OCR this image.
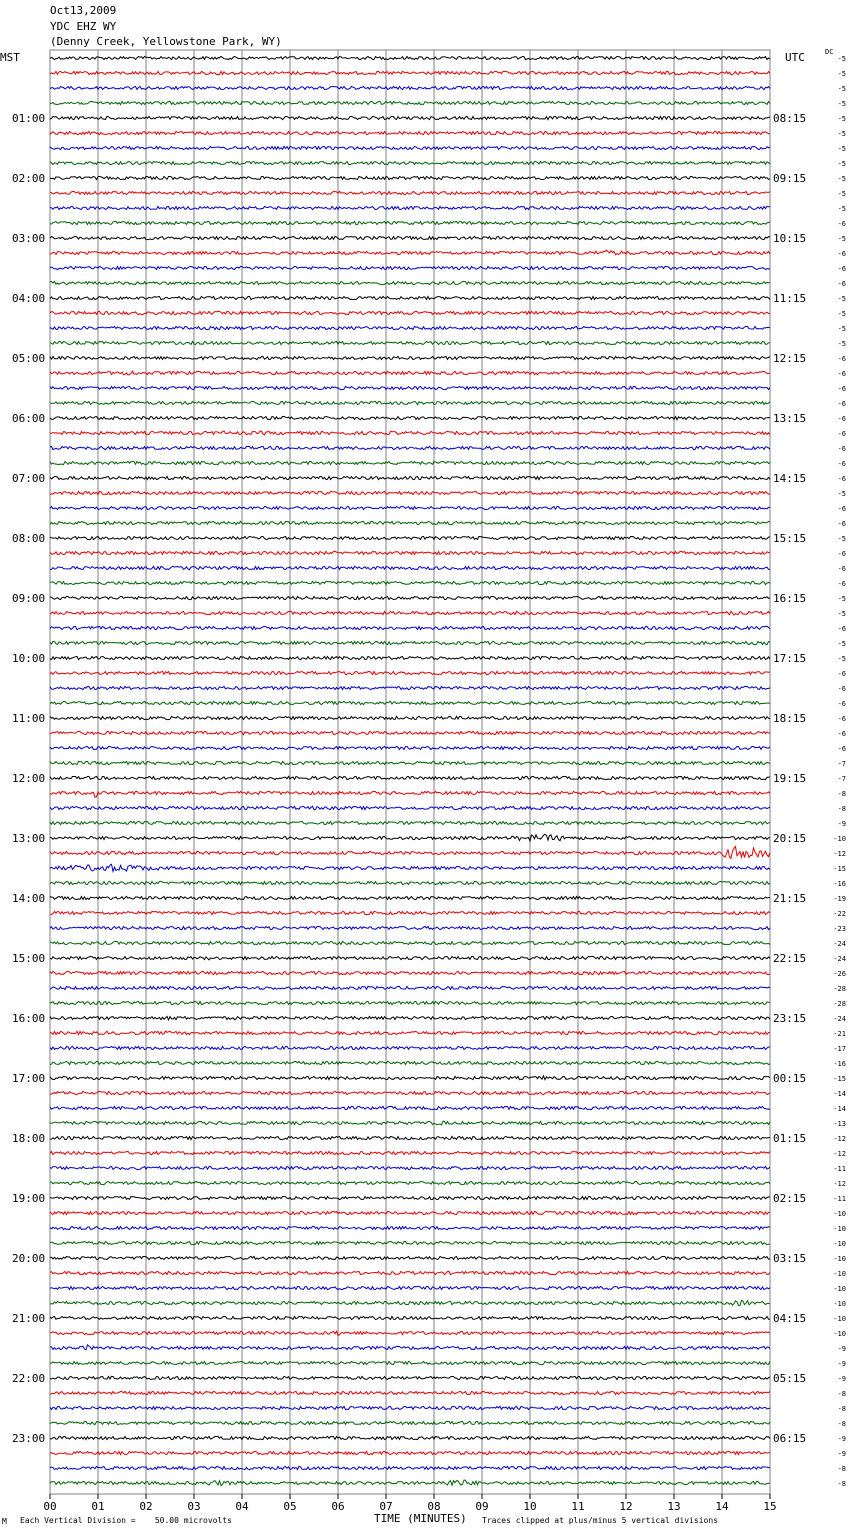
Oct13,2009
YDC EHZ WY
(Denny Creek, Yellowstone Park, WY)
-5
-5
-5
-5
-5
-5
-5
-5
-5
-5
-5
-6
-5
-6
-6
-6
-5
-5
-5
-5
-6
-6
-6
-6
-6
-6
-6
-6
-6
-5
-6
-6
-5
-6
-6
-6
-5
-5
-6
-5
-5
-6
-6
-6
-6
-6
-6
-7
-7
-8
-8
-9
-10
-12
-15
-16
-19
-22
-23
-24
-24
-26
-28
-28
-24
-21
-17
-16
-15
-14
-14
-13
-12
-12
-11
-12
-11
-10
-10
-10
-10
-10
-10
-10
-10
-10
-9
-9
-9
-8
-8
-8
-9
-9
-8
-8
MST	UTC	DC
01:00
02:00
03:00
04:00
05:00
06:00
07:00
08:00
09:00
10:00
11:00
12:00
13:00
14:00
15:00
16:00
17:00
18:00
19:00
20:00
21:00
22:00
23:00
08:15
09:15
10:15
11:15
12:15
13:15
14:15
15:15
16:15
17:15
18:15
19:15
20:15
21:15
22:15
23:15
00:15
01:15
02:15
03:15
04:15
05:15
06:15
00	01	02	03	04	05	06	07	08	09	10	11	12	13	14	15
M Each Vertical Division =    50.00 microvolts	TIME (MINUTES) Traces clipped at plus/minus 5 vertical divisions
